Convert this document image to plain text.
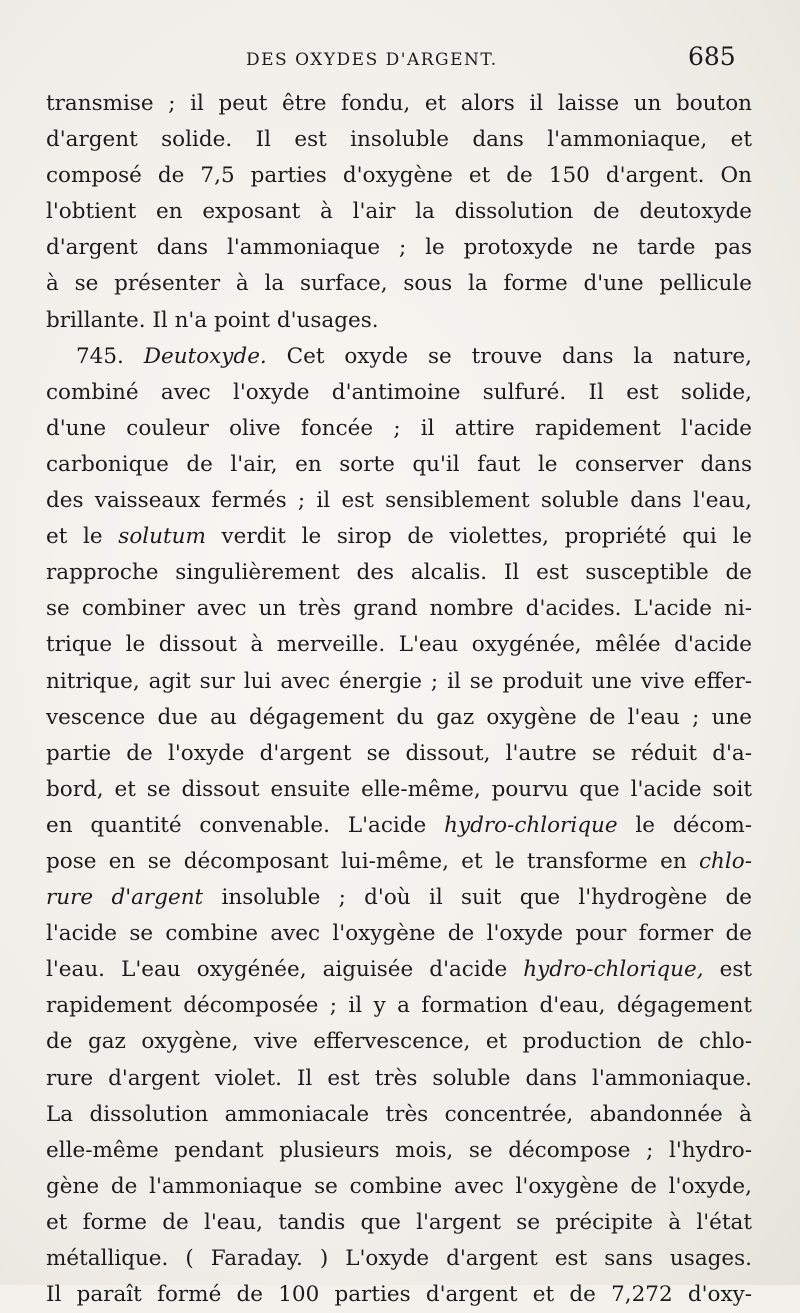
DES OXYDES D'ARGENT.	685
transmise ; il peut être fondu, et alors il laisse un bouton
d'argent solide. Il est insoluble dans l'ammoniaque, et
composé de 7,5 parties d'oxygène et de 150 d'argent. On
l'obtient en exposant à l'air la dissolution de deutoxyde
d'argent dans l'ammoniaque ; le protoxyde ne tarde pas
à se présenter à la surface, sous la forme d'une pellicule
brillante. Il n'a point d'usages.
745. Deutoxyde. Cet oxyde se trouve dans la nature,
combiné avec l'oxyde d'antimoine sulfuré. Il est solide,
d'une couleur olive foncée ; il attire rapidement l'acide
carbonique de l'air, en sorte qu'il faut le conserver dans
des vaisseaux fermés ; il est sensiblement soluble dans l'eau,
et le solutum verdit le sirop de violettes, propriété qui le
rapproche singulièrement des alcalis. Il est susceptible de
se combiner avec un très grand nombre d'acides. L'acide ni-
trique le dissout à merveille. L'eau oxygénée, mêlée d'acide
nitrique, agit sur lui avec énergie ; il se produit une vive effer-
vescence due au dégagement du gaz oxygène de l'eau ; une
partie de l'oxyde d'argent se dissout, l'autre se réduit d'a-
bord, et se dissout ensuite elle-même, pourvu que l'acide soit
en quantité convenable. L'acide hydro-chlorique le décom-
pose en se décomposant lui-même, et le transforme en chlo-
rure d'argent insoluble ; d'où il suit que l'hydrogène de
l'acide se combine avec l'oxygène de l'oxyde pour former de
l'eau. L'eau oxygénée, aiguisée d'acide hydro-chlorique, est
rapidement décomposée ; il y a formation d'eau, dégagement
de gaz oxygène, vive effervescence, et production de chlo-
rure d'argent violet. Il est très soluble dans l'ammoniaque.
La dissolution ammoniacale très concentrée, abandonnée à
elle-même pendant plusieurs mois, se décompose ; l'hydro-
gène de l'ammoniaque se combine avec l'oxygène de l'oxyde,
et forme de l'eau, tandis que l'argent se précipite à l'état
métallique. ( Faraday. ) L'oxyde d'argent est sans usages.
Il paraît formé de 100 parties d'argent et de 7,272 d'oxy-
